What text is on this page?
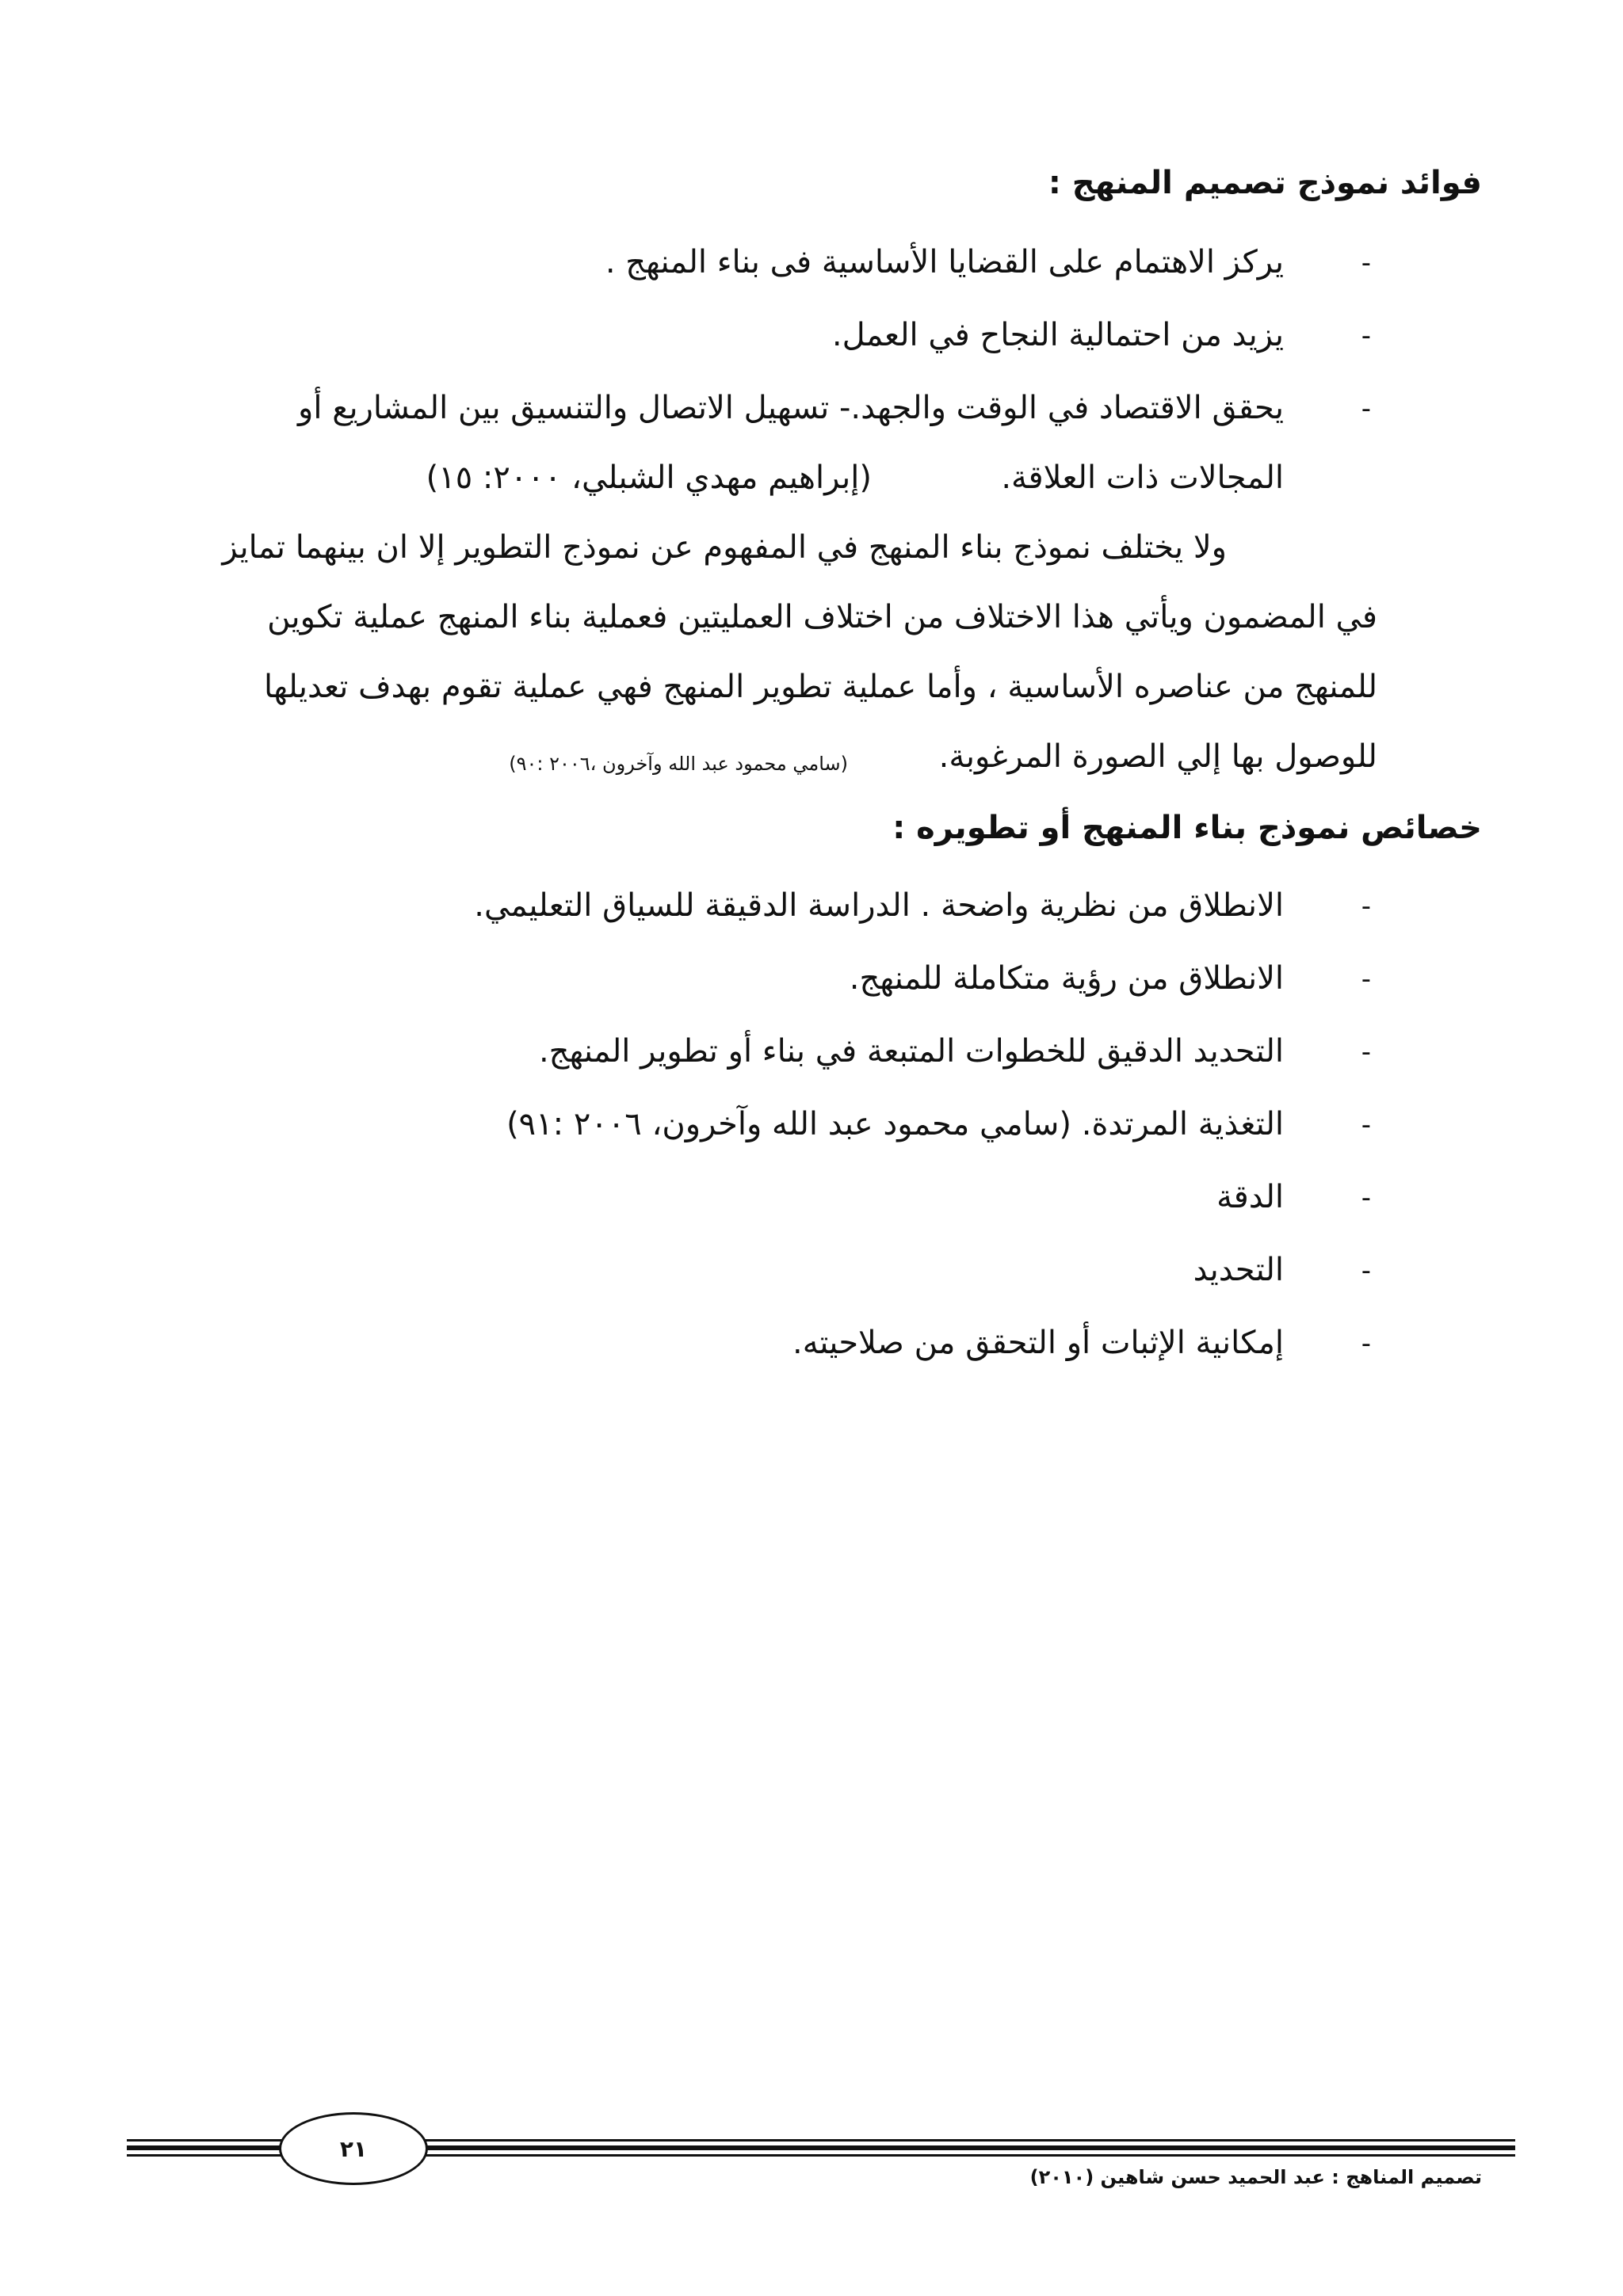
فوائد نموذج تصميم المنهج :
-
يركز الاهتمام على القضايا الأساسية فى بناء المنهج .
-
يزيد من احتمالية النجاح في العمل.
-
يحقق الاقتصاد في الوقت والجهد.- تسهيل الاتصال والتنسيق بين المشاريع أو
المجالات ذات العلاقة.
(إبراهيم مهدي الشبلي، ٢٠٠٠: ١٥)
ولا يختلف نموذج بناء المنهج في المفهوم عن نموذج التطوير إلا ان بينهما تمايز
في المضمون ويأتي هذا الاختلاف من اختلاف العمليتين فعملية بناء المنهج عملية تكوين
للمنهج من عناصره الأساسية ، وأما عملية تطوير المنهج فهي عملية تقوم بهدف تعديلها
للوصول بها إلي الصورة المرغوبة.
(سامي محمود عبد الله وآخرون ،٢٠٠٦ :٩٠)
خصائص نموذج بناء المنهج أو تطويره :
-
الانطلاق من نظرية واضحة . الدراسة الدقيقة للسياق التعليمي.
-
الانطلاق من رؤية متكاملة للمنهج.
-
التحديد الدقيق للخطوات المتبعة في بناء أو تطوير المنهج.
-
التغذية المرتدة. (سامي محمود عبد الله وآخرون، ٢٠٠٦ :٩١)
-
الدقة
-
التحديد
-
إمكانية الإثبات أو التحقق من صلاحيته.
٢١
تصميم المناهج : عبد الحميد حسن شاهين (٢٠١٠)
